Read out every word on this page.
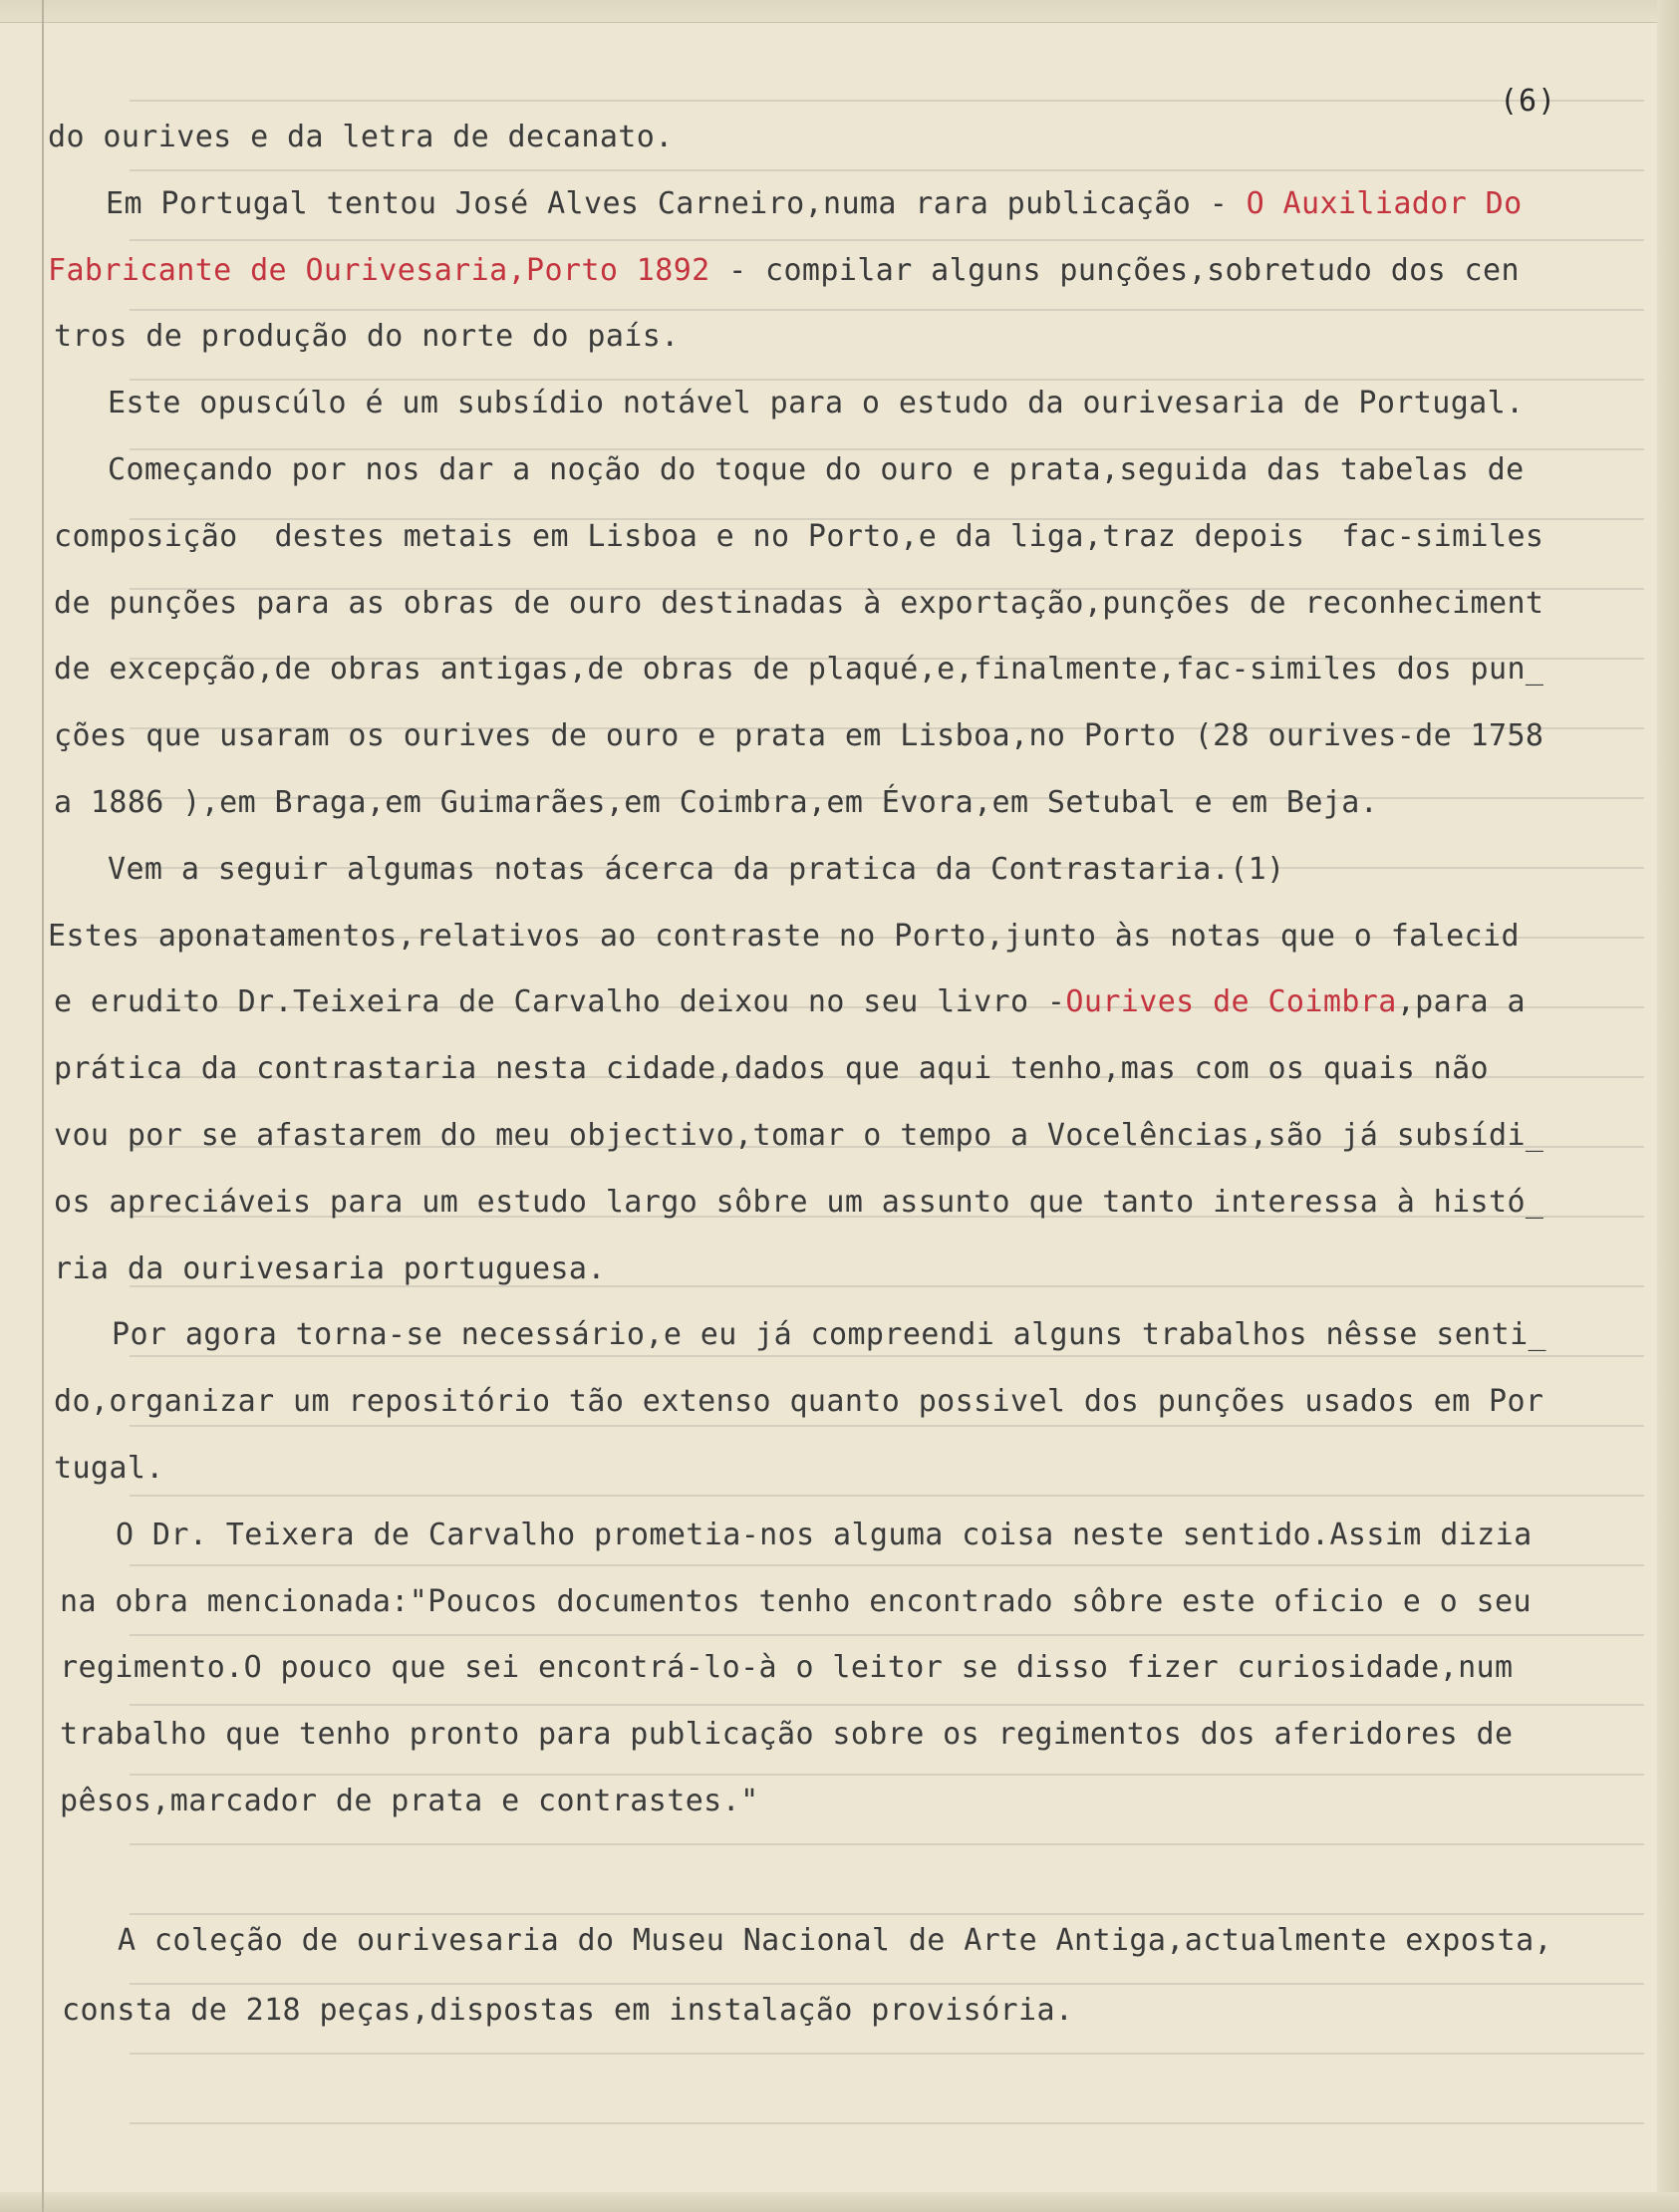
(6)
do ourives e da letra de decanato.
Em Portugal tentou José Alves Carneiro,numa rara publicação - O Auxiliador Do
Fabricante de Ourivesaria,Porto 1892 - compilar alguns punções,sobretudo dos cen
tros de produção do norte do país.
Este opuscúlo é um subsídio notável para o estudo da ourivesaria de Portugal.
Começando por nos dar a noção do toque do ouro e prata,seguida das tabelas de
composição  destes metais em Lisboa e no Porto,e da liga,traz depois  fac-similes
de punções para as obras de ouro destinadas à exportação,punções de reconheciment
de excepção,de obras antigas,de obras de plaqué,e,finalmente,fac-similes dos pun_
ções que usaram os ourives de ouro e prata em Lisboa,no Porto (28 ourives-de 1758
a 1886 ),em Braga,em Guimarães,em Coimbra,em Évora,em Setubal e em Beja.
Vem a seguir algumas notas ácerca da pratica da Contrastaria.(1)
Estes aponatamentos,relativos ao contraste no Porto,junto às notas que o falecid
e erudito Dr.Teixeira de Carvalho deixou no seu livro -Ourives de Coimbra,para a
prática da contrastaria nesta cidade,dados que aqui tenho,mas com os quais não
vou por se afastarem do meu objectivo,tomar o tempo a Vocelências,são já subsídi_
os apreciáveis para um estudo largo sôbre um assunto que tanto interessa à histó_
ria da ourivesaria portuguesa.
Por agora torna-se necessário,e eu já compreendi alguns trabalhos nêsse senti_
do,organizar um repositório tão extenso quanto possivel dos punções usados em Por
tugal.
O Dr. Teixera de Carvalho prometia-nos alguma coisa neste sentido.Assim dizia
na obra mencionada:"Poucos documentos tenho encontrado sôbre este oficio e o seu
regimento.O pouco que sei encontrá-lo-à o leitor se disso fizer curiosidade,num
trabalho que tenho pronto para publicação sobre os regimentos dos aferidores de
pêsos,marcador de prata e contrastes."
A coleção de ourivesaria do Museu Nacional de Arte Antiga,actualmente exposta,
consta de 218 peças,dispostas em instalação provisória.
